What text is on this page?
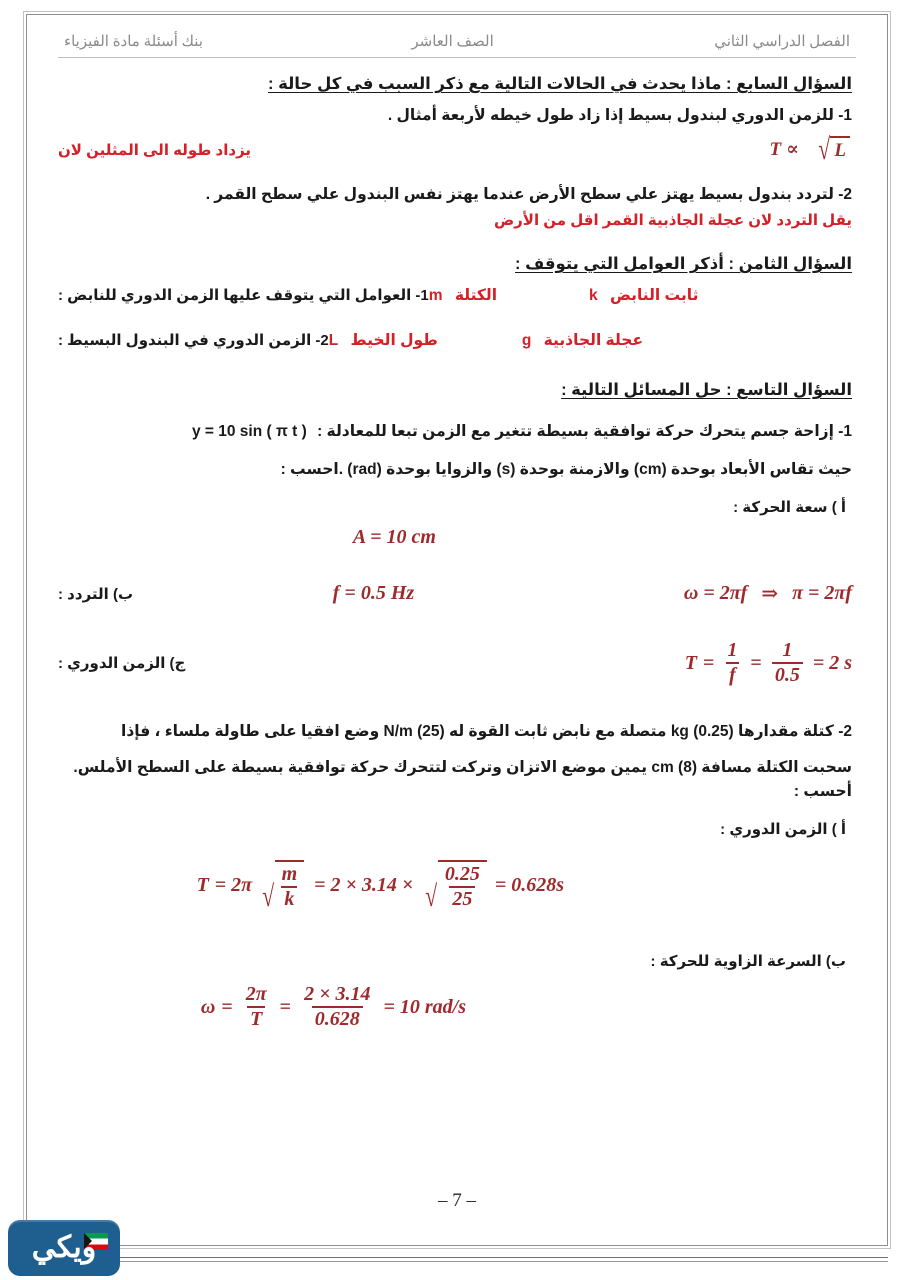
بنك أسئلة مادة الفيزياء	الصف العاشر	الفصل الدراسي الثاني
السؤال السابع : ماذا يحدث في الحالات التالية مع ذكر السبب في كل حالة :
1- للزمن الدوري لبندول بسيط إذا زاد طول خيطه لأربعة أمثال .
يزداد طوله الى المثلين لان	T ∝ √ L
2- لتردد بندول بسيط يهتز علي سطح الأرض عندما يهتز نفس البندول علي سطح القمر .
يقل التردد لان عجلة الجاذبية القمر اقل من الأرض
السؤال الثامن : أذكر العوامل التي يتوقف :
1- العوامل التي يتوقف عليها الزمن الدوري للنابض :	الكتلة m	ثابت النابض k
2- الزمن الدوري في البندول البسيط :	طول الخيط L	عجلة الجاذبية g
السؤال التاسع : حل المسائل التالية :
1- إزاحة جسم يتحرك حركة توافقية بسيطة تتغير مع الزمن تبعا للمعادلة : y = 10 sin ( π t )
حيث تقاس الأبعاد بوحدة (cm) والازمنة بوحدة (s) والزوايا بوحدة (rad) .احسب :
أ ) سعة الحركة :
A = 10 cm
ب) التردد :	f = 0.5 Hz	ω = 2πf ⇒ π = 2πf
ج) الزمن الدوري :	$T = \frac{1}{f} = \frac{1}{0.5} = 2$ s
2- كتلة مقدارها kg (0.25) متصلة مع نابض ثابت القوة له N/m (25) وضع افقيا على طاولة ملساء ، فإذا
سحبت الكتلة مسافة cm (8) يمين موضع الاتزان وتركت لتتحرك حركة توافقية بسيطة على السطح الأملس. أحسب :
أ ) الزمن الدوري :
T = 2π √ $\frac{m}{k} = 2 \times 3.14$ × √ $\frac{0.25}{25} = 0.628s$
ب) السرعة الزاوية للحركة :
$\omega = \frac{2\pi}{T} = \frac{2 \times 3.14}{0.628} = 10$ rad/s
– 7 –
ويكي
